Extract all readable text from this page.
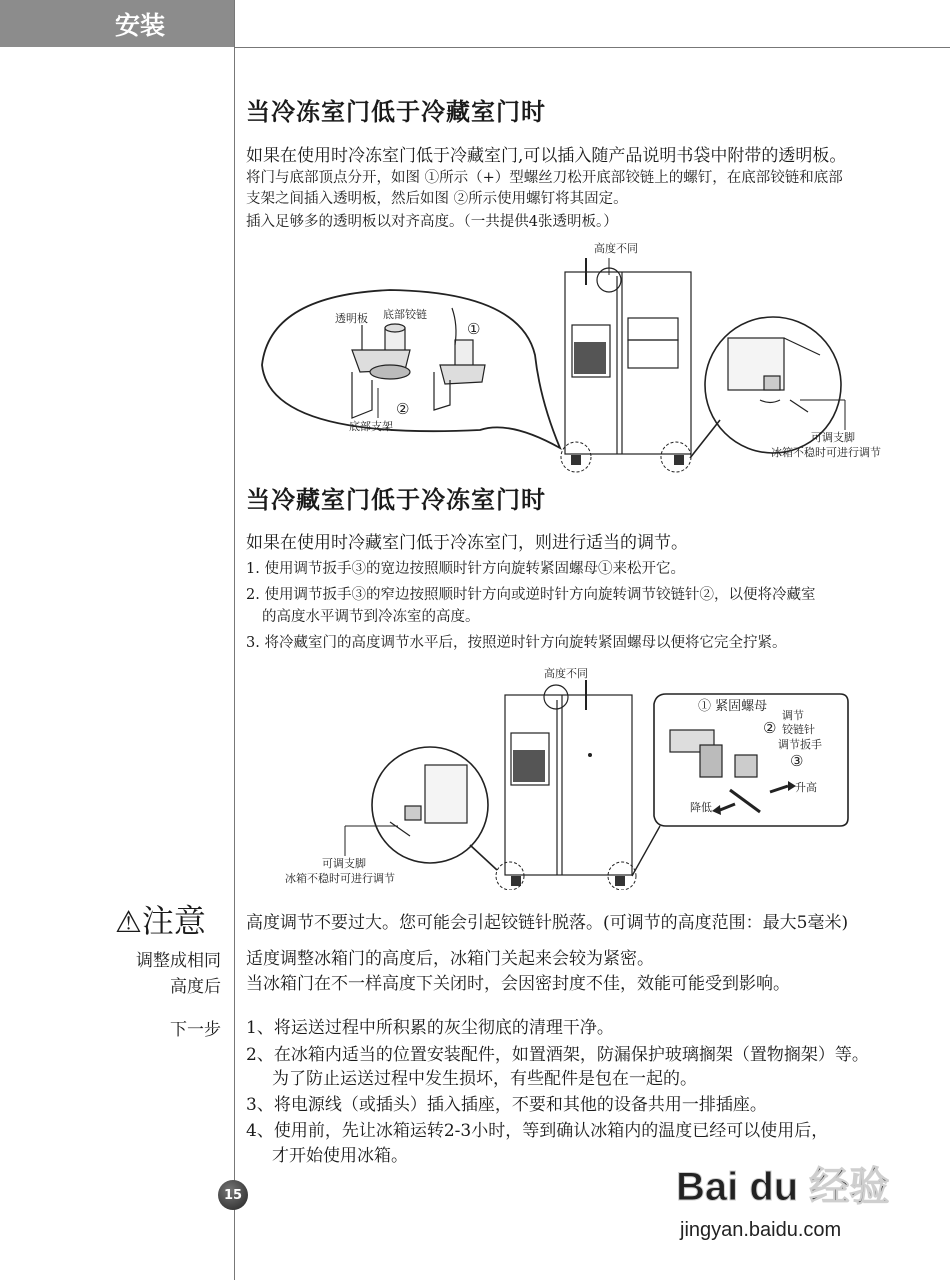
安装
当冷冻室门低于冷藏室门时

如果在使用时冷冻室门低于冷藏室门,可以插入随产品说明书袋中附带的透明板。

将门与底部顶点分开，如图 ①所示（+）型螺丝刀松开底部铰链上的螺钉，在底部铰链和底部

支架之间插入透明板，然后如图 ②所示使用螺钉将其固定。

插入足够多的透明板以对齐高度。（一共提供4张透明板。）

高度不同
透明板 底部铰链
①
②
底部支架
可调支脚
冰箱不稳时可进行调节
当冷藏室门低于冷冻室门时

如果在使用时冷藏室门低于冷冻室门，则进行适当的调节。

1. 使用调节扳手③的宽边按照顺时针方向旋转紧固螺母①来松开它。

2. 使用调节扳手③的窄边按照顺时针方向或逆时针方向旋转调节铰链针②，以便将冷藏室

的高度水平调节到冷冻室的高度。

3. 将冷藏室门的高度调节水平后，按照逆时针方向旋转紧固螺母以便将它完全拧紧。

高度不同
可调支脚
冰箱不稳时可进行调节
① 紧固螺母
②
调节
铰链针
调节扳手
③
升高
降低
⚠注意 高度调节不要过大。您可能会引起铰链针脱落。(可调节的高度范围：最大5毫米)

调整成相同
高度后

适度调整冰箱门的高度后，冰箱门关起来会较为紧密。

当冰箱门在不一样高度下关闭时，会因密封度不佳，效能可能受到影响。

下一步 1、将运送过程中所积累的灰尘彻底的清理干净。

2、在冰箱内适当的位置安装配件，如置酒架，防漏保护玻璃搁架（置物搁架）等。

为了防止运送过程中发生损坏，有些配件是包在一起的。

3、将电源线（或插头）插入插座，不要和其他的设备共用一排插座。

4、使用前，先让冰箱运转2-3小时，等到确认冰箱内的温度已经可以使用后，

才开始使用冰箱。

15	Bai du 经验
jingyan.baidu.com
